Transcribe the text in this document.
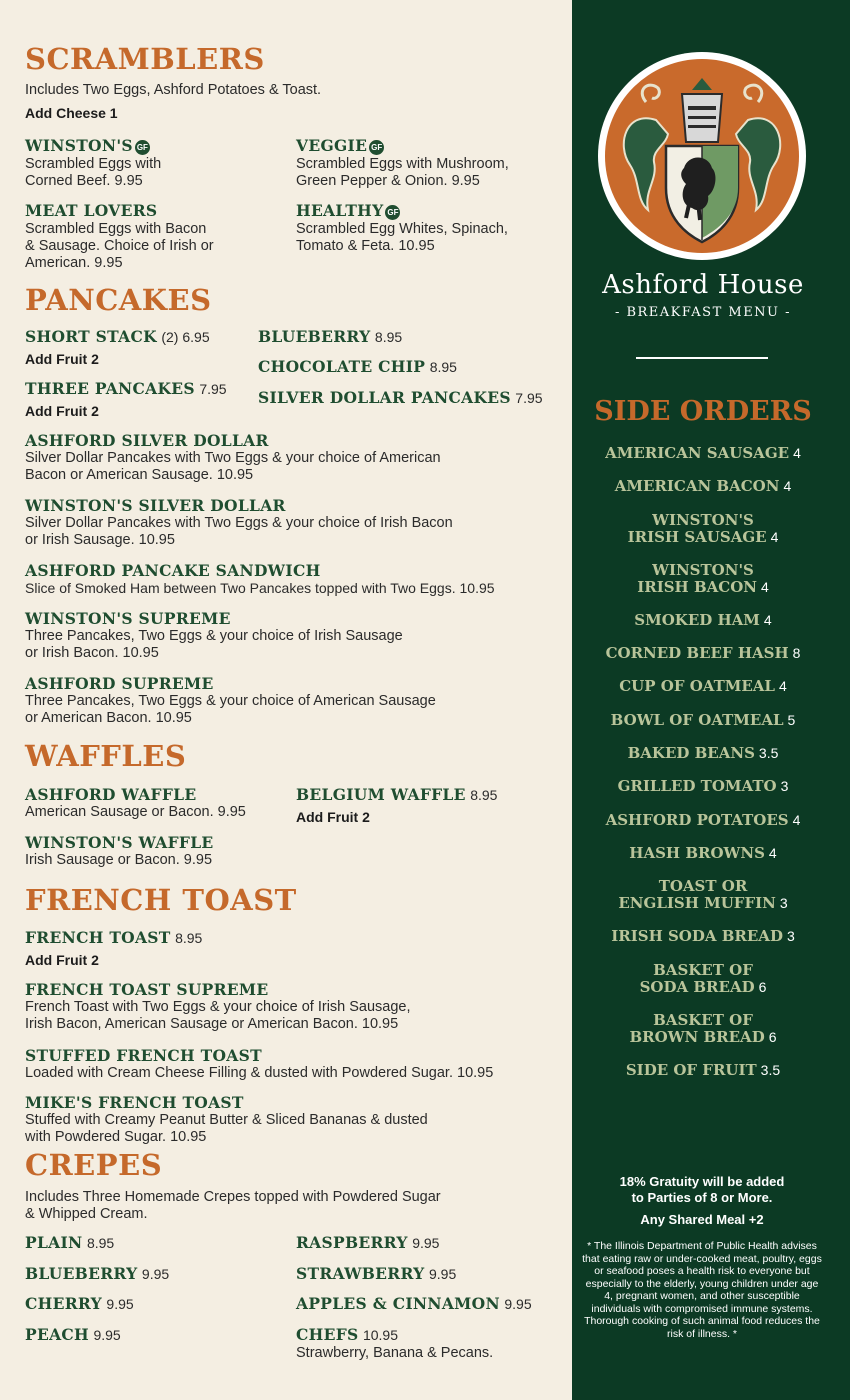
SCRAMBLERS
Includes Two Eggs, Ashford Potatoes & Toast.
Add Cheese 1
WINSTON'S GF
Scrambled Eggs with
Corned Beef. 9.95
VEGGIE GF
Scrambled Eggs with Mushroom,
Green Pepper & Onion. 9.95
MEAT LOVERS
Scrambled Eggs with Bacon
& Sausage. Choice of Irish or
American. 9.95
HEALTHY GF
Scrambled Egg Whites, Spinach,
Tomato & Feta. 10.95
PANCAKES
SHORT STACK (2) 6.95
Add Fruit 2
THREE PANCAKES 7.95
Add Fruit 2
BLUEBERRY 8.95
CHOCOLATE CHIP 8.95
SILVER DOLLAR PANCAKES 7.95
ASHFORD SILVER DOLLAR
Silver Dollar Pancakes with Two Eggs & your choice of American
Bacon or American Sausage. 10.95
WINSTON'S SILVER DOLLAR
Silver Dollar Pancakes with Two Eggs & your choice of Irish Bacon
or Irish Sausage. 10.95
ASHFORD PANCAKE SANDWICH
Slice of Smoked Ham between Two Pancakes topped with Two Eggs. 10.95
WINSTON'S SUPREME
Three Pancakes, Two Eggs & your choice of Irish Sausage
or Irish Bacon. 10.95
ASHFORD SUPREME
Three Pancakes, Two Eggs & your choice of American Sausage
or American Bacon. 10.95
WAFFLES
ASHFORD WAFFLE
American Sausage or Bacon. 9.95
BELGIUM WAFFLE 8.95
Add Fruit 2
WINSTON'S WAFFLE
Irish Sausage or Bacon. 9.95
FRENCH TOAST
FRENCH TOAST 8.95
Add Fruit 2
FRENCH TOAST SUPREME
French Toast with Two Eggs & your choice of Irish Sausage,
Irish Bacon, American Sausage or American Bacon. 10.95
STUFFED FRENCH TOAST
Loaded with Cream Cheese Filling & dusted with Powdered Sugar. 10.95
MIKE'S FRENCH TOAST
Stuffed with Creamy Peanut Butter & Sliced Bananas & dusted
with Powdered Sugar. 10.95
CREPES
Includes Three Homemade Crepes topped with Powdered Sugar
& Whipped Cream.
PLAIN 8.95
BLUEBERRY 9.95
CHERRY 9.95
PEACH 9.95
RASPBERRY 9.95
STRAWBERRY 9.95
APPLES & CINNAMON 9.95
CHEFS 10.95
Strawberry, Banana & Pecans.
Ashford House
- BREAKFAST MENU -
SIDE ORDERS
AMERICAN SAUSAGE 4
AMERICAN BACON 4
WINSTON'S
IRISH SAUSAGE 4
WINSTON'S
IRISH BACON 4
SMOKED HAM 4
CORNED BEEF HASH 8
CUP OF OATMEAL 4
BOWL OF OATMEAL 5
BAKED BEANS 3.5
GRILLED TOMATO 3
ASHFORD POTATOES 4
HASH BROWNS 4
TOAST OR
ENGLISH MUFFIN 3
IRISH SODA BREAD 3
BASKET OF
SODA BREAD 6
BASKET OF
BROWN BREAD 6
SIDE OF FRUIT 3.5
18% Gratuity will be added
to Parties of 8 or More.
Any Shared Meal +2
* The Illinois Department of Public Health advises that eating raw or under-cooked meat, poultry, eggs or seafood poses a health risk to everyone but especially to the elderly, young children under age 4, pregnant women, and other susceptible individuals with compromised immune systems. Thorough cooking of such animal food reduces the risk of illness. *
